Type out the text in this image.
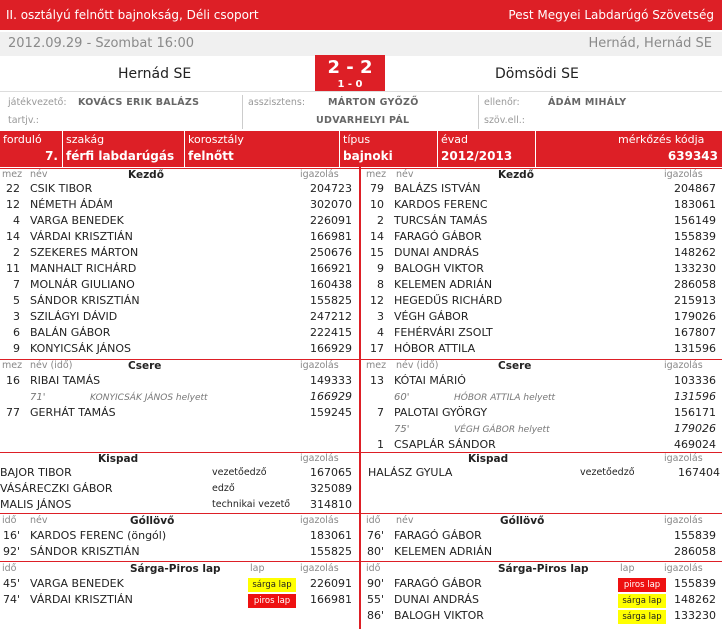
II. osztályú felnőtt bajnokság, Déli csoport	Pest Megyei Labdarúgó Szövetség
2012.09.29 - Szombat 16:00	Hernád, Hernád SE
Hernád SE	Dömsödi SE
2 - 2
1 - 0
játékvezető: KOVÁCS ERIK BALÁZS	asszisztens: MÁRTON GYŐZŐ
UDVARHELYI PÁL
ellenőr:	ÁDÁM MIHÁLY
tartjv.:	szöv.ell.:
forduló
7.
szakág
férfi labdarúgás
korosztály
felnőtt
típus
bajnoki
évad
2012/2013
mérkőzés kódja
639343
mez	Kezdő	igazolás
név	mez	Kezdő	igazolás
név
22 CSIK TIBOR	204723
12 NÉMETH ÁDÁM	302070
4 VARGA BENEDEK	226091
14 VÁRDAI KRISZTIÁN	166981
2 SZEKERES MÁRTON	250676
11 MANHALT RICHÁRD	166921
7 MOLNÁR GIULIANO	160438
5 SÁNDOR KRISZTIÁN	155825
3 SZILÁGYI DÁVID	247212
6 BALÁN GÁBOR	222415
9 KONYICSÁK JÁNOS	166929
79 BALÁZS ISTVÁN	204867
10 KARDOS FERENC	183061
2 TURCSÁN TAMÁS	156149
14 FARAGÓ GÁBOR	155839
15 DUNAI ANDRÁS	148262
9 BALOGH VIKTOR	133230
8 KELEMEN ADRIÁN	286058
12 HEGEDŰS RICHÁRD	215913
3 VÉGH GÁBOR	179026
4 FEHÉRVÁRI ZSOLT	167807
17 HÓBOR ATTILA	131596
mez	Csere	igazolás
név (idő)	mez	Csere	igazolás
név (idő)
16 RIBAI TAMÁS	149333
71'	KONYICSÁK JÁNOS helyett	166929
77 GERHÁT TAMÁS	159245
13 KÓTAI MÁRIÓ	103336
60'	HÓBOR ATTILA helyett	131596
7 PALOTAI GYÖRGY	156171
75'	VÉGH GÁBOR helyett	179026
1 CSAPLÁR SÁNDOR	469024
Kispad	igazolás	Kispad	igazolás
BAJOR TIBOR	vezetőedző	167065
VÁSÁRECZKI GÁBOR	edző	325089
MALIS JÁNOS	technikai vezető	314810
HALÁSZ GYULA	vezetőedző	167404
idő	Góllövő	igazolás
név	idő	Góllövő	igazolás
név
16' KARDOS FERENC (öngól)	183061
92' SÁNDOR KRISZTIÁN	155825
76' FARAGÓ GÁBOR	155839
80' KELEMEN ADRIÁN	286058
idő	Sárga-Piros lap	igazolás
lap	idő	Sárga-Piros lap	igazolás
lap
45' VARGA BENEDEK	sárga lap	226091
74' VÁRDAI KRISZTIÁN	piros lap	166981
90' FARAGÓ GÁBOR	piros lap	155839
55' DUNAI ANDRÁS	sárga lap	148262
86' BALOGH VIKTOR	sárga lap	133230
